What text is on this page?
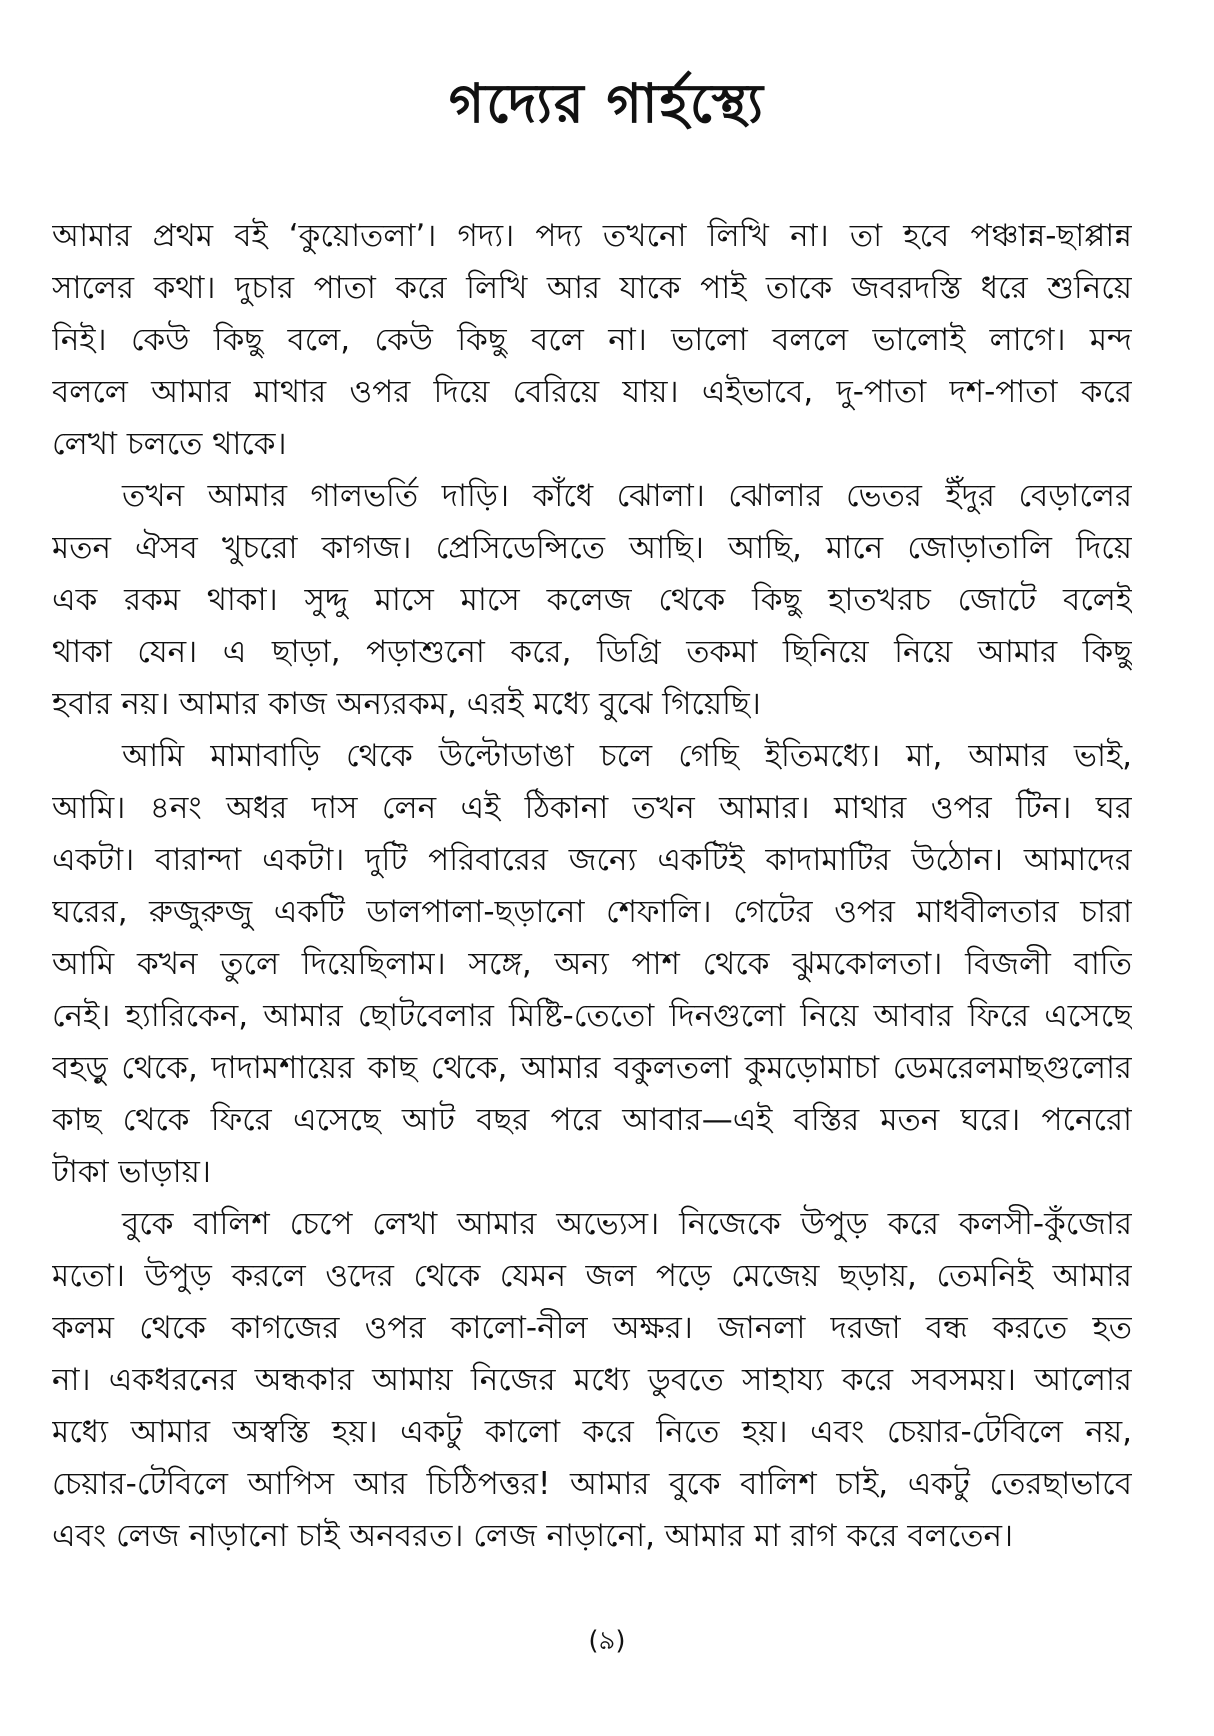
গদ্যের গার্হস্থ্যে
আমার প্রথম বই ‘কুয়োতলা’। গদ্য। পদ্য তখনো লিখি না। তা হবে পঞ্চান্ন-ছাপ্পান্ন
সালের কথা। দুচার পাতা করে লিখি আর যাকে পাই তাকে জবরদস্তি ধরে শুনিয়ে
নিই। কেউ কিছু বলে, কেউ কিছু বলে না। ভালো বললে ভালোই লাগে। মন্দ
বললে আমার মাথার ওপর দিয়ে বেরিয়ে যায়। এইভাবে, দু-পাতা দশ-পাতা করে
লেখা চলতে থাকে।
তখন আমার গালভর্তি দাড়ি। কাঁধে ঝোলা। ঝোলার ভেতর ইঁদুর বেড়ালের
মতন ঐসব খুচরো কাগজ। প্রেসিডেন্সিতে আছি। আছি, মানে জোড়াতালি দিয়ে
এক রকম থাকা। সুদ্দু মাসে মাসে কলেজ থেকে কিছু হাতখরচ জোটে বলেই
থাকা যেন। এ ছাড়া, পড়াশুনো করে, ডিগ্রি তকমা ছিনিয়ে নিয়ে আমার কিছু
হবার নয়। আমার কাজ অন্যরকম, এরই মধ্যে বুঝে গিয়েছি।
আমি মামাবাড়ি থেকে উল্টোডাঙা চলে গেছি ইতিমধ্যে। মা, আমার ভাই,
আমি। ৪নং অধর দাস লেন এই ঠিকানা তখন আমার। মাথার ওপর টিন। ঘর
একটা। বারান্দা একটা। দুটি পরিবারের জন্যে একটিই কাদামাটির উঠোন। আমাদের
ঘরের, রুজুরুজু একটি ডালপালা-ছড়ানো শেফালি। গেটের ওপর মাধবীলতার চারা
আমি কখন তুলে দিয়েছিলাম। সঙ্গে, অন্য পাশ থেকে ঝুমকোলতা। বিজলী বাতি
নেই। হ্যারিকেন, আমার ছোটবেলার মিষ্টি-তেতো দিনগুলো নিয়ে আবার ফিরে এসেছে
বহড়ু থেকে, দাদামশায়ের কাছ থেকে, আমার বকুলতলা কুমড়োমাচা ডেমরেলমাছগুলোর
কাছ থেকে ফিরে এসেছে আট বছর পরে আবার—এই বস্তির মতন ঘরে। পনেরো
টাকা ভাড়ায়।
বুকে বালিশ চেপে লেখা আমার অভ্যেস। নিজেকে উপুড় করে কলসী-কুঁজোর
মতো। উপুড় করলে ওদের থেকে যেমন জল পড়ে মেজেয় ছড়ায়, তেমনিই আমার
কলম থেকে কাগজের ওপর কালো-নীল অক্ষর। জানলা দরজা বন্ধ করতে হত
না। একধরনের অন্ধকার আমায় নিজের মধ্যে ডুবতে সাহায্য করে সবসময়। আলোর
মধ্যে আমার অস্বস্তি হয়। একটু কালো করে নিতে হয়। এবং চেয়ার-টেবিলে নয়,
চেয়ার-টেবিলে আপিস আর চিঠিপত্তর! আমার বুকে বালিশ চাই, একটু তেরছাভাবে
এবং লেজ নাড়ানো চাই অনবরত। লেজ নাড়ানো, আমার মা রাগ করে বলতেন।
(৯)
